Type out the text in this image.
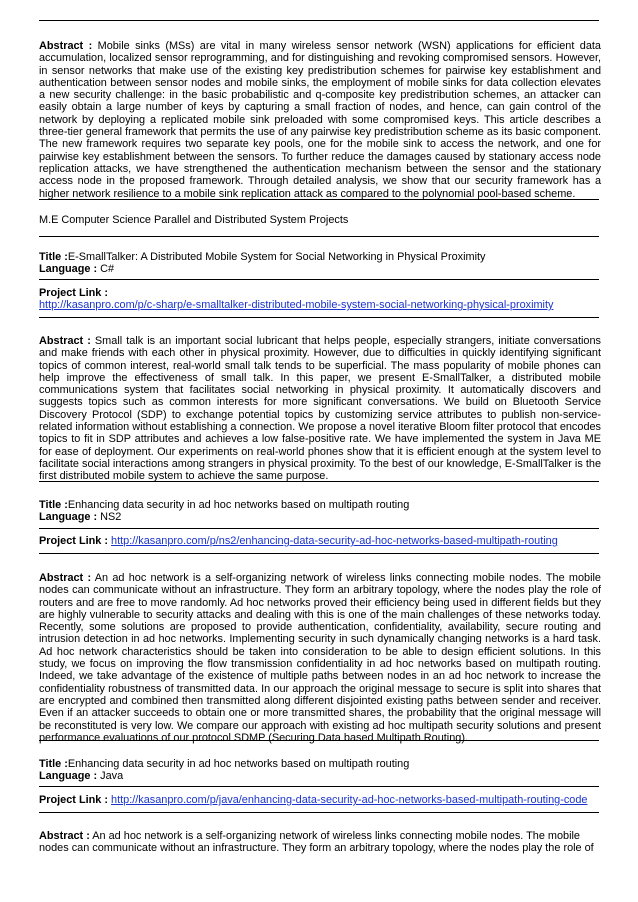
Abstract : Mobile sinks (MSs) are vital in many wireless sensor network (WSN) applications for efficient data accumulation, localized sensor reprogramming, and for distinguishing and revoking compromised sensors. However, in sensor networks that make use of the existing key predistribution schemes for pairwise key establishment and authentication between sensor nodes and mobile sinks, the employment of mobile sinks for data collection elevates a new security challenge: in the basic probabilistic and q-composite key predistribution schemes, an attacker can easily obtain a large number of keys by capturing a small fraction of nodes, and hence, can gain control of the network by deploying a replicated mobile sink preloaded with some compromised keys. This article describes a three-tier general framework that permits the use of any pairwise key predistribution scheme as its basic component. The new framework requires two separate key pools, one for the mobile sink to access the network, and one for pairwise key establishment between the sensors. To further reduce the damages caused by stationary access node replication attacks, we have strengthened the authentication mechanism between the sensor and the stationary access node in the proposed framework. Through detailed analysis, we show that our security framework has a higher network resilience to a mobile sink replication attack as compared to the polynomial pool-based scheme.

M.E Computer Science Parallel and Distributed System Projects

Title :E-SmallTalker: A Distributed Mobile System for Social Networking in Physical Proximity

Language : C#

Project Link :
http://kasanpro.com/p/c-sharp/e-smalltalker-distributed-mobile-system-social-networking-physical-proximity

Abstract : Small talk is an important social lubricant that helps people, especially strangers, initiate conversations and make friends with each other in physical proximity. However, due to difficulties in quickly identifying significant topics of common interest, real-world small talk tends to be superficial. The mass popularity of mobile phones can help improve the effectiveness of small talk. In this paper, we present E-SmallTalker, a distributed mobile communications system that facilitates social networking in physical proximity. It automatically discovers and suggests topics such as common interests for more significant conversations. We build on Bluetooth Service Discovery Protocol (SDP) to exchange potential topics by customizing service attributes to publish non-service-related information without establishing a connection. We propose a novel iterative Bloom filter protocol that encodes topics to fit in SDP attributes and achieves a low false-positive rate. We have implemented the system in Java ME for ease of deployment. Our experiments on real-world phones show that it is efficient enough at the system level to facilitate social interactions among strangers in physical proximity. To the best of our knowledge, E-SmallTalker is the first distributed mobile system to achieve the same purpose.

Title :Enhancing data security in ad hoc networks based on multipath routing

Language : NS2

Project Link : http://kasanpro.com/p/ns2/enhancing-data-security-ad-hoc-networks-based-multipath-routing

Abstract : An ad hoc network is a self-organizing network of wireless links connecting mobile nodes. The mobile nodes can communicate without an infrastructure. They form an arbitrary topology, where the nodes play the role of routers and are free to move randomly. Ad hoc networks proved their efficiency being used in different fields but they are highly vulnerable to security attacks and dealing with this is one of the main challenges of these networks today. Recently, some solutions are proposed to provide authentication, confidentiality, availability, secure routing and intrusion detection in ad hoc networks. Implementing security in such dynamically changing networks is a hard task. Ad hoc network characteristics should be taken into consideration to be able to design efficient solutions. In this study, we focus on improving the flow transmission confidentiality in ad hoc networks based on multipath routing. Indeed, we take advantage of the existence of multiple paths between nodes in an ad hoc network to increase the confidentiality robustness of transmitted data. In our approach the original message to secure is split into shares that are encrypted and combined then transmitted along different disjointed existing paths between sender and receiver. Even if an attacker succeeds to obtain one or more transmitted shares, the probability that the original message will be reconstituted is very low. We compare our approach with existing ad hoc multipath security solutions and present performance evaluations of our protocol SDMP (Securing Data based Multipath Routing).

Title :Enhancing data security in ad hoc networks based on multipath routing

Language : Java

Project Link : http://kasanpro.com/p/java/enhancing-data-security-ad-hoc-networks-based-multipath-routing-code

Abstract : An ad hoc network is a self-organizing network of wireless links connecting mobile nodes. The mobile
nodes can communicate without an infrastructure. They form an arbitrary topology, where the nodes play the role of
